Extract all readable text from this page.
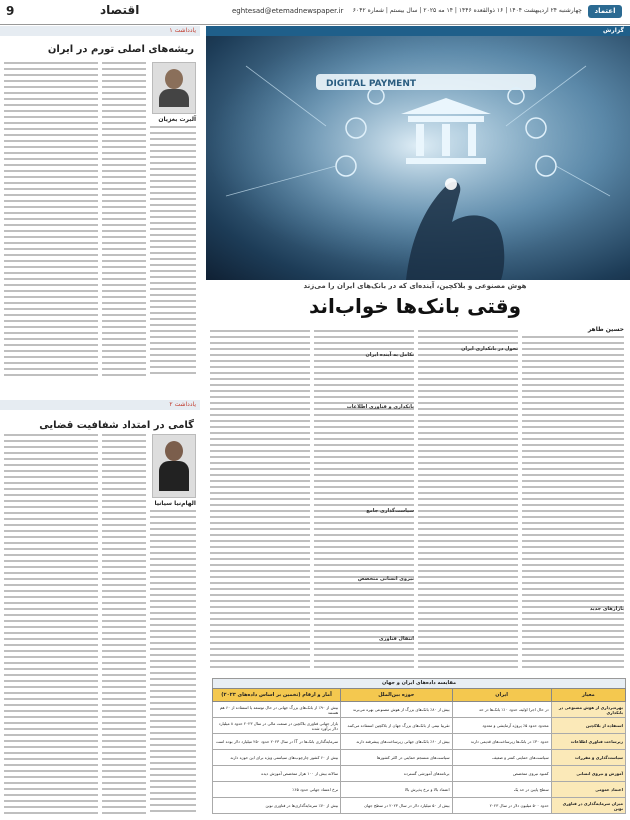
9	اقتصاد	eghtesad@etemadnewspaper.ir چهارشنبه ۲۴ اردیبهشت ۱۴۰۴ | ۱۶ ذوالقعده ۱۴۴۶ | ۱۴ مه ۲۰۲۵ | سال بیستم | شماره ۶۰۴۲	اعتماد
یادداشت ۱
ریشه‌های اصلی تورم در ایران
آلبرت بغزیان
یادداشت ۲
گامی در امتداد شفافیت قضایی
الهام‌نیا سیانیا
گزارش
DIGITAL PAYMENT
هوش مصنوعی و بلاکچین، آینده‌ای که در بانک‌های ایران را می‌زند
وقتی بانک‌ها خواب‌اند
حسین طاهر
بازارهای جدید
تحول در بانکداری ایران
تکامل به آینده ایران
بانکداری و فناوری اطلاعات
سیاست‌گذاری جامع
نیروی انسانی متخصص
انتقال فناوری
مقایسه داده‌های ایران و جهان
معیار	ایران	حوزه بین‌الملل	آمار و ارقام (تخمین بر اساس داده‌های ۲۰۲۳)
بهره‌برداری از هوش مصنوعی در بانکداری	در حال اجرا اولیه، حدود ۱۰٪ بانک‌ها در حد	بیش از ۸۰٪ بانک‌های بزرگ از هوش مصنوعی بهره می‌برند	بیش از ۹۰٪ از بانک‌های بزرگ جهانی در حال توسعه یا استفاده از ۶۰ هم هستند
استفاده از بلاکچین	محدود حدود ۵٪ پروژه آزمایشی و معدود	تقریبا نیمی از بانک‌های بزرگ جهان از بلاکچین استفاده می‌کنند	بازار جهانی فناوری بلاکچین در صنعت مالی در سال ۲۰۲۳ حدود ۸ میلیارد دلار برآورد شده
زیرساخت فناوری اطلاعات	حدود ۳۰٪ در بانک‌ها زیرساخت‌های قدیمی دارند	بیش از ۶۰٪ بانک‌های جهانی زیرساخت‌های پیشرفته دارند	سرمایه‌گذاری بانک‌ها در IT در سال ۲۰۲۳ حدود ۲۵۰ میلیارد دلار بوده است
سیاست‌گذاری و مقررات	سیاست‌های حمایتی کمتر و ضعیف	سیاست‌های منسجم حمایتی در اکثر کشورها	بیش از ۶۰ کشور چارچوب‌های سیاستی ویژه برای این حوزه دارند
آموزش و نیروی انسانی	کمبود نیروی متخصص	برنامه‌های آموزشی گسترده	سالانه بیش از ۱۰۰ هزار متخصص آموزش دیده
اعتماد عمومی	سطح پایین در حد یک	اعتماد بالا و نرخ پذیرش بالا	نرخ اعتماد جهانی حدود ۶۵٪
میزان سرمایه‌گذاری در فناوری نوین	حدود ۵۰۰ میلیون دلار در سال ۲۰۲۳	بیش از ۵۰ میلیارد دلار در سال ۲۰۲۳ در سطح جهان	بیش از ۷۰٪ سرمایه‌گذاری‌ها در فناوری نوین
